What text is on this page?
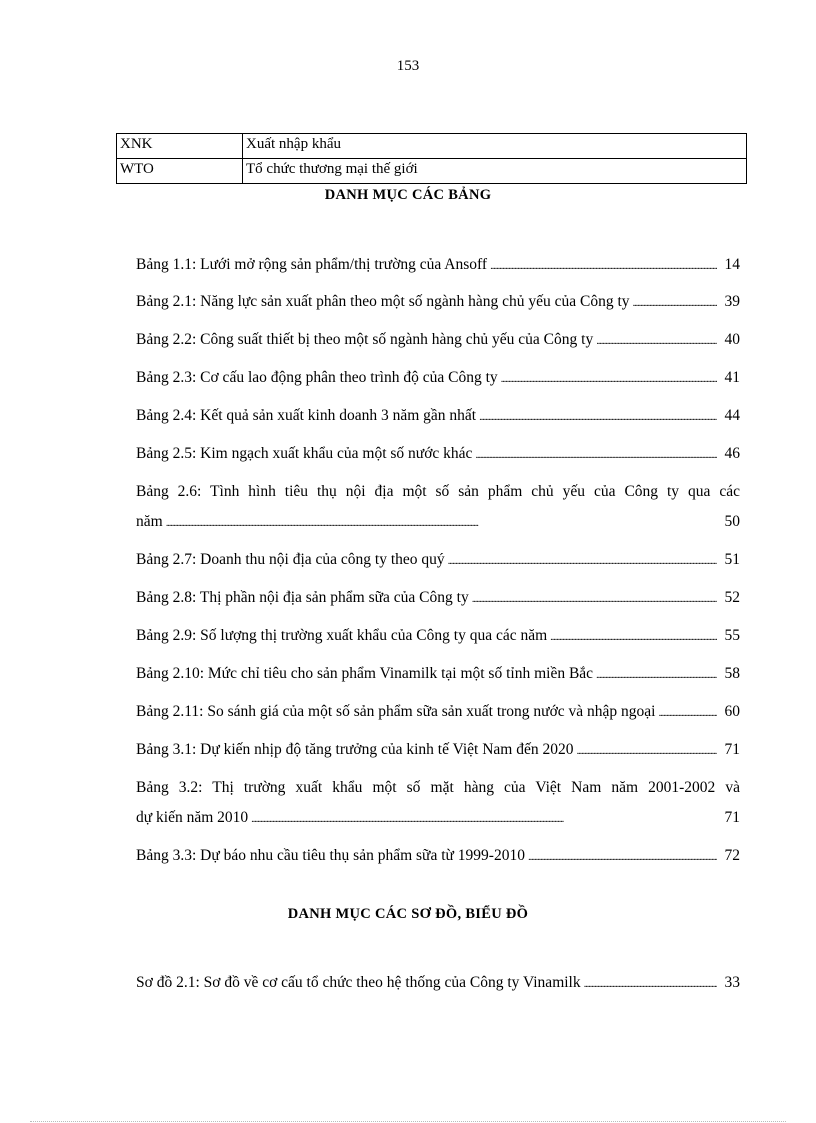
153
XNK	Xuất nhập khẩu
WTO	Tổ chức thương mại thế giới
DANH MỤC CÁC BẢNG
Bảng 1.1: Lưới mở rộng sản phẩm/thị trường của Ansoff . . .	14
Bảng 2.1: Năng lực sản xuất phân theo một số ngành hàng chủ yếu của Công ty . . .	39
Bảng 2.2: Công suất thiết bị theo một số ngành hàng chủ yếu của Công ty . . .	40
Bảng 2.3: Cơ cấu lao động phân theo trình độ của Công ty . . .	41
Bảng 2.4: Kết quả sản xuất kinh doanh 3 năm gần nhất . . .	44
Bảng 2.5: Kim ngạch xuất khẩu của một số nước khác . . .	46
Bảng 2.6: Tình hình tiêu thụ nội địa một số sản phẩm chủ yếu của Công ty qua các
năm . . .	50
Bảng 2.7: Doanh thu nội địa của công ty theo quý . . .	51
Bảng 2.8: Thị phần nội địa sản phẩm sữa của Công ty . . .	52
Bảng 2.9: Số lượng thị trường xuất khẩu của Công ty qua các năm . . .	55
Bảng 2.10: Mức chỉ tiêu cho sản phẩm Vinamilk tại một số tỉnh miền Bắc . . .	58
Bảng 2.11: So sánh giá của một số sản phẩm sữa sản xuất trong nước và nhập ngoại . . .	60
Bảng 3.1: Dự kiến nhịp độ tăng trưởng của kinh tế Việt Nam đến 2020 . . .	71
Bảng 3.2: Thị trường xuất khẩu một số mặt hàng của Việt Nam năm 2001-2002 và
dự kiến năm 2010 . . .	71
Bảng 3.3: Dự báo nhu cầu tiêu thụ sản phẩm sữa từ 1999-2010 . . .	72
DANH MỤC CÁC SƠ ĐỒ, BIỂU ĐỒ
Sơ đồ 2.1: Sơ đồ về cơ cấu tổ chức theo hệ thống của Công ty Vinamilk . . .	33
